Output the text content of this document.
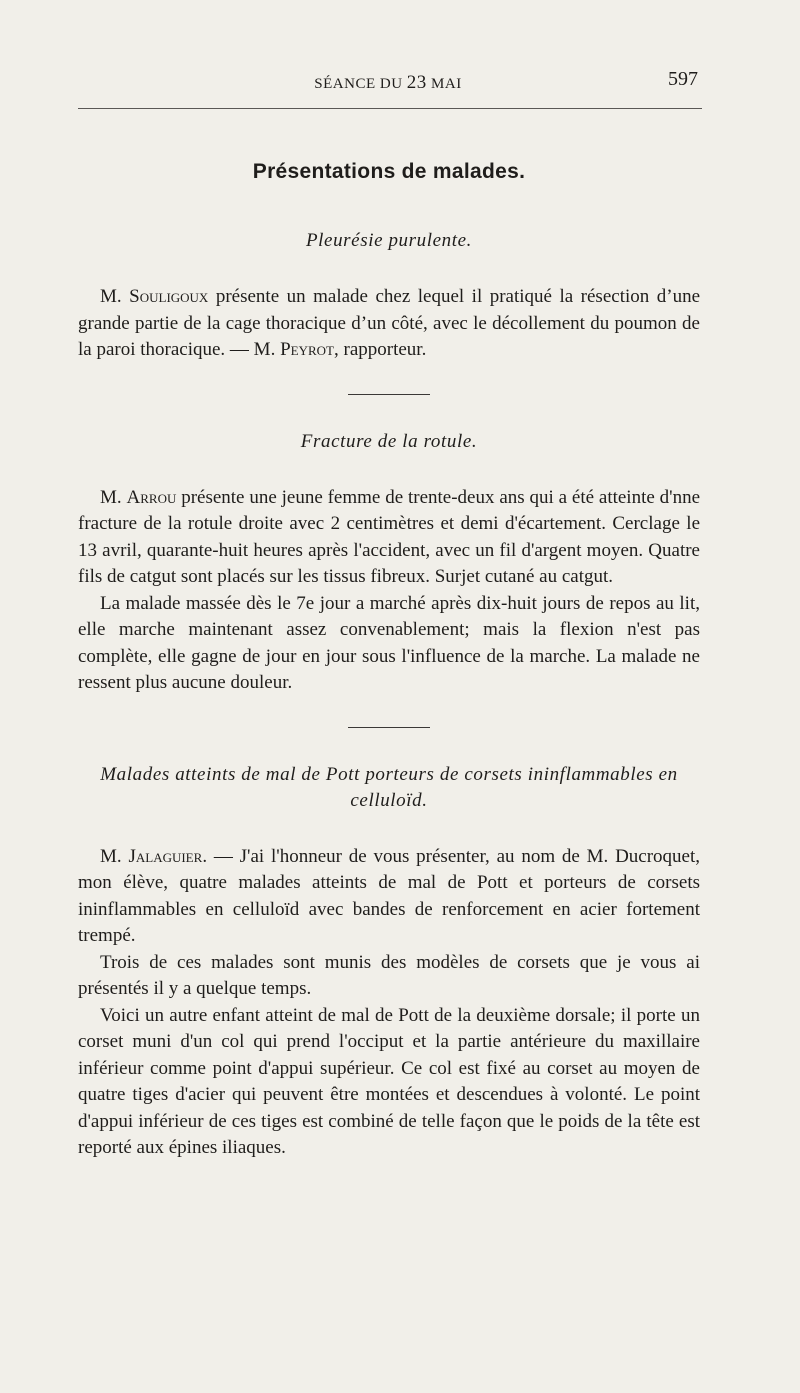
SÉANCE DU 23 MAI	597
Présentations de malades.
Pleurésie purulente.

M. Souligoux présente un malade chez lequel il pratiqué la résection d’une grande partie de la cage thoracique d’un côté, avec le décollement du poumon de la paroi thoracique. — M. Peyrot, rapporteur.

Fracture de la rotule.

M. Arrou présente une jeune femme de trente-deux ans qui a été atteinte d'nne fracture de la rotule droite avec 2 centimètres et demi d'écartement. Cerclage le 13 avril, quarante-huit heures après l'accident, avec un fil d'argent moyen. Quatre fils de catgut sont placés sur les tissus fibreux. Surjet cutané au catgut.

La malade massée dès le 7e jour a marché après dix-huit jours de repos au lit, elle marche maintenant assez convenablement; mais la flexion n'est pas complète, elle gagne de jour en jour sous l'influence de la marche. La malade ne ressent plus aucune douleur.

Malades atteints de mal de Pott porteurs de corsets ininflammables en celluloïd.

M. Jalaguier. — J'ai l'honneur de vous présenter, au nom de M. Ducroquet, mon élève, quatre malades atteints de mal de Pott et porteurs de corsets ininflammables en celluloïd avec bandes de renforcement en acier fortement trempé.

Trois de ces malades sont munis des modèles de corsets que je vous ai présentés il y a quelque temps.

Voici un autre enfant atteint de mal de Pott de la deuxième dorsale; il porte un corset muni d'un col qui prend l'occiput et la partie antérieure du maxillaire inférieur comme point d'appui supérieur. Ce col est fixé au corset au moyen de quatre tiges d'acier qui peuvent être montées et descendues à volonté. Le point d'appui inférieur de ces tiges est combiné de telle façon que le poids de la tête est reporté aux épines iliaques.
